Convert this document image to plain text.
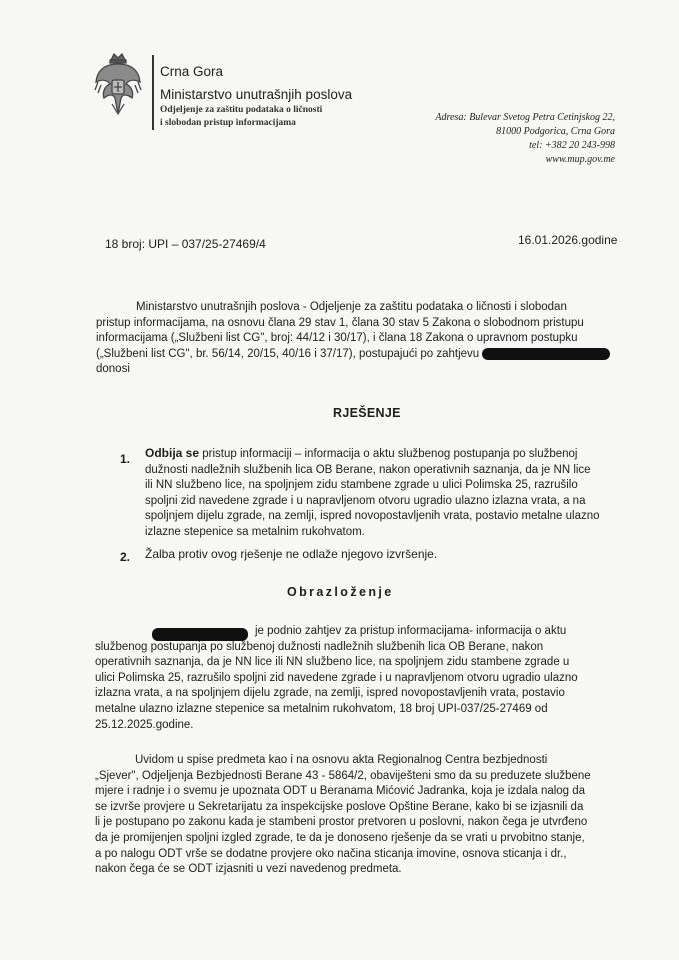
Crna Gora
Ministarstvo unutrašnjih poslova
Odjeljenje za zaštitu podataka o ličnosti
i slobodan pristup informacijama	Adresa: Bulevar Svetog Petra Cetinjskog 22,
81000 Podgorica, Crna Gora
tel: +382 20 243-998
www.mup.gov.me
18 broj: UPI – 037/25-27469/4	16.01.2026.godine
Ministarstvo unutrašnjih poslova - Odjeljenje za zaštitu podataka o ličnosti i slobodan
pristup informacijama, na osnovu člana 29 stav 1, člana 30 stav 5 Zakona o slobodnom pristupu
informacijama („Službeni list CG", broj: 44/12 i 30/17), i člana 18 Zakona o upravnom postupku
(„Službeni list CG", br. 56/14, 20/15, 40/16 i 37/17), postupajući po zahtjevu
donosi
RJEŠENJE
1. Odbija se pristup informaciji – informacija o aktu službenog postupanja po službenoj
dužnosti nadležnih službenih lica OB Berane, nakon operativnih saznanja, da je NN lice
ili NN službeno lice, na spoljnjem zidu stambene zgrade u ulici Polimska 25, razrušilo
spoljni zid navedene zgrade i u napravljenom otvoru ugradio ulazno izlazna vrata, a na
spoljnjem dijelu zgrade, na zemlji, ispred novopostavljenih vrata, postavio metalne ulazno
izlazne stepenice sa metalnim rukohvatom.
2. Žalba protiv ovog rješenje ne odlaže njegovo izvršenje.
Obrazloženje
je podnio zahtjev za pristup informacijama- informacija o aktu
službenog postupanja po službenoj dužnosti nadležnih službenih lica OB Berane, nakon
operativnih saznanja, da je NN lice ili NN službeno lice, na spoljnjem zidu stambene zgrade u
ulici Polimska 25, razrušilo spoljni zid navedene zgrade i u napravljenom otvoru ugradio ulazno
izlazna vrata, a na spoljnjem dijelu zgrade, na zemlji, ispred novopostavljenih vrata, postavio
metalne ulazno izlazne stepenice sa metalnim rukohvatom, 18 broj UPI-037/25-27469 od
25.12.2025.godine.
Uvidom u spise predmeta kao i na osnovu akta Regionalnog Centra bezbjednosti
„Sjever", Odjeljenja Bezbjednosti Berane 43 - 5864/2, obaviješteni smo da su preduzete službene
mjere i radnje i o svemu je upoznata ODT u Beranama Mićović Jadranka, koja je izdala nalog da
se izvrše provjere u Sekretarijatu za inspekcijske poslove Opštine Berane, kako bi se izjasnili da
li je postupano po zakonu kada je stambeni prostor pretvoren u poslovni, nakon čega je utvrđeno
da je promijenjen spoljni izgled zgrade, te da je donoseno rješenje da se vrati u prvobitno stanje,
a po nalogu ODT vrše se dodatne provjere oko načina sticanja imovine, osnova sticanja i dr.,
nakon čega će se ODT izjasniti u vezi navedenog predmeta.
